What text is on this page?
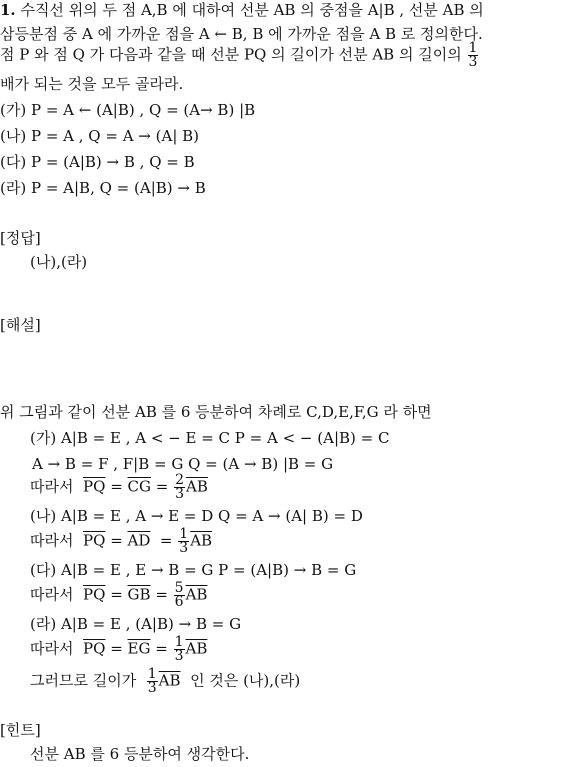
1. 수직선 위의 두 점 A,B 에 대하여 선분 AB 의 중점을 A|B , 선분 AB 의
삼등분점 중 A 에 가까운 점을 A ← B, B 에 가까운 점을 A B 로 정의한다.
점 P 와 점 Q 가 다음과 같을 때 선분 PQ 의 길이가 선분 AB 의 길이의 $\frac{1}{3}$
배가 되는 것을 모두 골라라.
(가) P = A ← (A|B) , Q = (A→ B) |B
(나) P = A , Q = A → (A| B)
(다) P = (A|B) → B , Q = B
(라) P = A|B, Q = (A|B) → B
[정답]
(나),(라)
[해설]
위 그림과 같이 선분 AB 를 6 등분하여 차례로 C,D,E,F,G 라 하면
(가) A|B = E , A < − E = C P = A < − (A|B) = C
A → B = F , F|B = G Q = (A → B) |B = G
따라서 $\overline{PQ} = \overline{CG} = \frac{2}{3} \overline{AB}$
(나) A|B = E , A → E = D Q = A → (A| B) = D
따라서 $\overline{PQ} = \overline{AD} = \frac{1}{3} \overline{AB}$
(다) A|B = E , E → B = G P = (A|B) → B = G
따라서 $\overline{PQ} = \overline{GB} = \frac{5}{6} \overline{AB}$
(라) A|B = E , (A|B) → B = G
따라서 $\overline{PQ} = \overline{EG} = \frac{1}{3} \overline{AB}$
그러므로 길이가 $\frac{1}{3} \overline{AB}$ 인 것은 (나),(라)
[힌트]
선분 AB 를 6 등분하여 생각한다.
